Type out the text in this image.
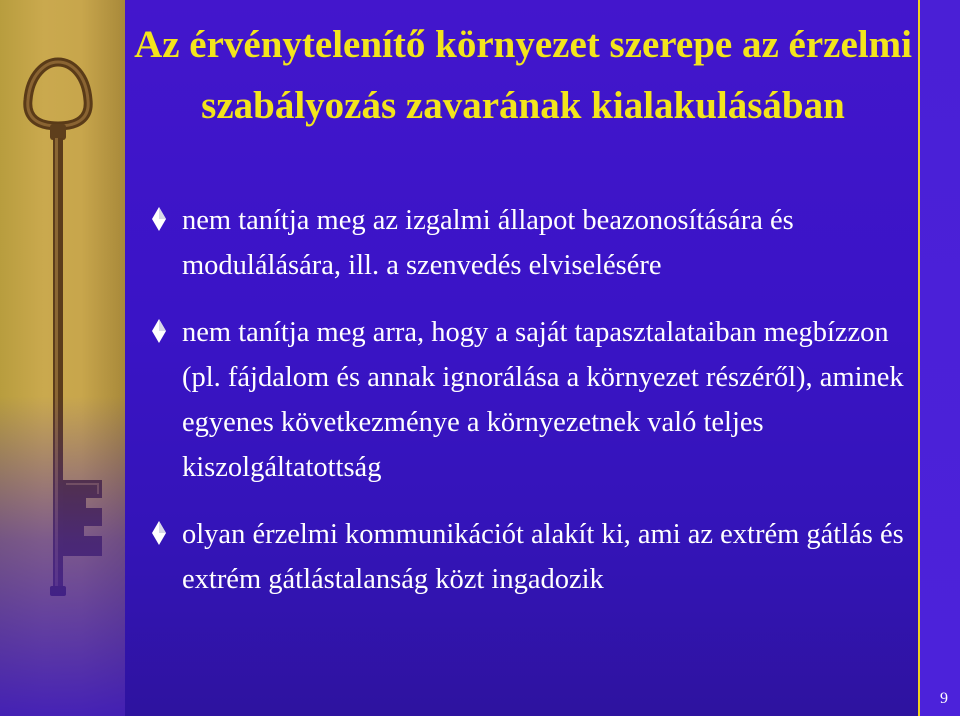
Az érvénytelenítő környezet szerepe az érzelmi szabályozás zavarának kialakulásában

nem tanítja meg az izgalmi állapot beazonosítására és modulálására, ill. a szenvedés elviselésére

nem tanítja meg arra, hogy a saját tapasztalataiban megbízzon (pl. fájdalom és annak ignorálása a környezet részéről), aminek egyenes következménye a környezetnek való teljes kiszolgáltatottság

olyan érzelmi kommunikációt alakít ki, ami az extrém gátlás és extrém gátlástalanság közt ingadozik

9
